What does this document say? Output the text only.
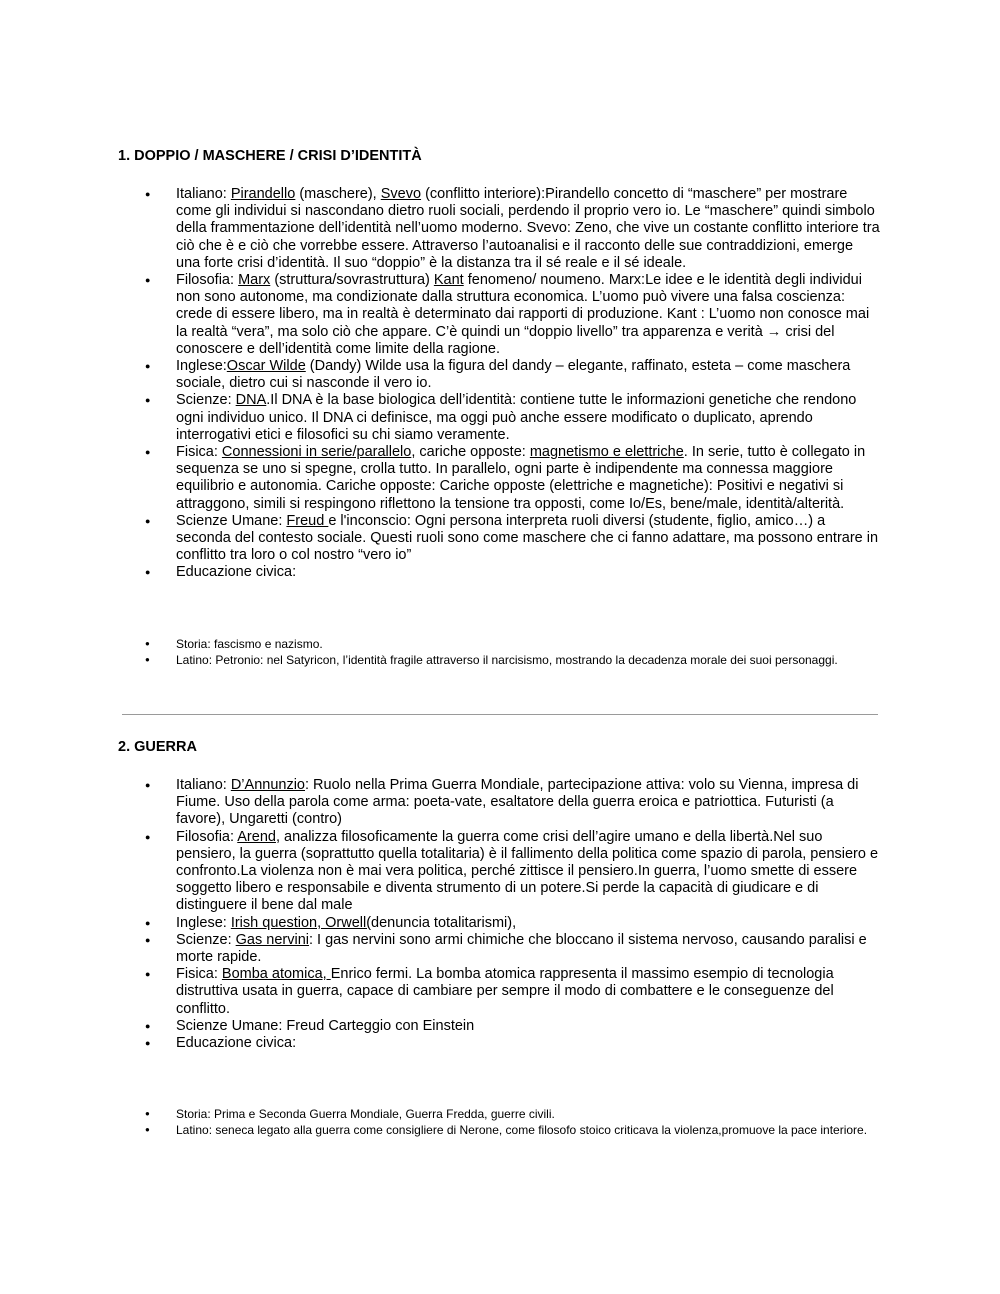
1. DOPPIO / MASCHERE / CRISI D’IDENTITÀ
● Italiano: Pirandello (maschere), Svevo (conflitto interiore):Pirandello concetto di “maschere” per mostrare come gli individui si nascondano dietro ruoli sociali, perdendo il proprio vero io. Le “maschere” quindi simbolo della frammentazione dell’identità nell’uomo moderno. Svevo: Zeno, che vive un costante conflitto interiore tra ciò che è e ciò che vorrebbe essere. Attraverso l’autoanalisi e il racconto delle sue contraddizioni, emerge una forte crisi d’identità. Il suo “doppio” è la distanza tra il sé reale e il sé ideale.
● Filosofia: Marx (struttura/sovrastruttura) Kant fenomeno/ noumeno. Marx:Le idee e le identità degli individui non sono autonome, ma condizionate dalla struttura economica. L’uomo può vivere una falsa coscienza: crede di essere libero, ma in realtà è determinato dai rapporti di produzione. Kant : L’uomo non conosce mai la realtà “vera”, ma solo ciò che appare. C’è quindi un “doppio livello” tra apparenza e verità → crisi del conoscere e dell’identità come limite della ragione.
● Inglese:Oscar Wilde (Dandy) Wilde usa la figura del dandy – elegante, raffinato, esteta – come maschera sociale, dietro cui si nasconde il vero io.
● Scienze: DNA.Il DNA è la base biologica dell’identità: contiene tutte le informazioni genetiche che rendono ogni individuo unico. Il DNA ci definisce, ma oggi può anche essere modificato o duplicato, aprendo interrogativi etici e filosofici su chi siamo veramente.
● Fisica: Connessioni in serie/parallelo, cariche opposte: magnetismo e elettriche. In serie, tutto è collegato in sequenza se uno si spegne, crolla tutto. In parallelo, ogni parte è indipendente ma connessa maggiore equilibrio e autonomia. Cariche opposte: Cariche opposte (elettriche e magnetiche): Positivi e negativi si attraggono, simili si respingono riflettono la tensione tra opposti, come Io/Es, bene/male, identità/alterità.
● Scienze Umane: Freud e l'inconscio: Ogni persona interpreta ruoli diversi (studente, figlio, amico…) a seconda del contesto sociale. Questi ruoli sono come maschere che ci fanno adattare, ma possono entrare in conflitto tra loro o col nostro “vero io”
● Educazione civica:
● Storia: fascismo e nazismo.
● Latino: Petronio: nel Satyricon, l’identità fragile attraverso il narcisismo, mostrando la decadenza morale dei suoi personaggi.
2. GUERRA
● Italiano: D’Annunzio: Ruolo nella Prima Guerra Mondiale, partecipazione attiva: volo su Vienna, impresa di Fiume. Uso della parola come arma: poeta-vate, esaltatore della guerra eroica e patriottica. Futuristi (a favore), Ungaretti (contro)
● Filosofia: Arend, analizza filosoficamente la guerra come crisi dell’agire umano e della libertà.Nel suo pensiero, la guerra (soprattutto quella totalitaria) è il fallimento della politica come spazio di parola, pensiero e confronto.La violenza non è mai vera politica, perché zittisce il pensiero.In guerra, l’uomo smette di essere soggetto libero e responsabile e diventa strumento di un potere.Si perde la capacità di giudicare e di distinguere il bene dal male
● Inglese: Irish question, Orwell(denuncia totalitarismi),
● Scienze: Gas nervini: I gas nervini sono armi chimiche che bloccano il sistema nervoso, causando paralisi e morte rapide.
● Fisica: Bomba atomica, Enrico fermi. La bomba atomica rappresenta il massimo esempio di tecnologia distruttiva usata in guerra, capace di cambiare per sempre il modo di combattere e le conseguenze del conflitto.
● Scienze Umane: Freud Carteggio con Einstein
● Educazione civica:
● Storia: Prima e Seconda Guerra Mondiale, Guerra Fredda, guerre civili.
● Latino: seneca legato alla guerra come consigliere di Nerone, come filosofo stoico criticava la violenza,promuove la pace interiore.
